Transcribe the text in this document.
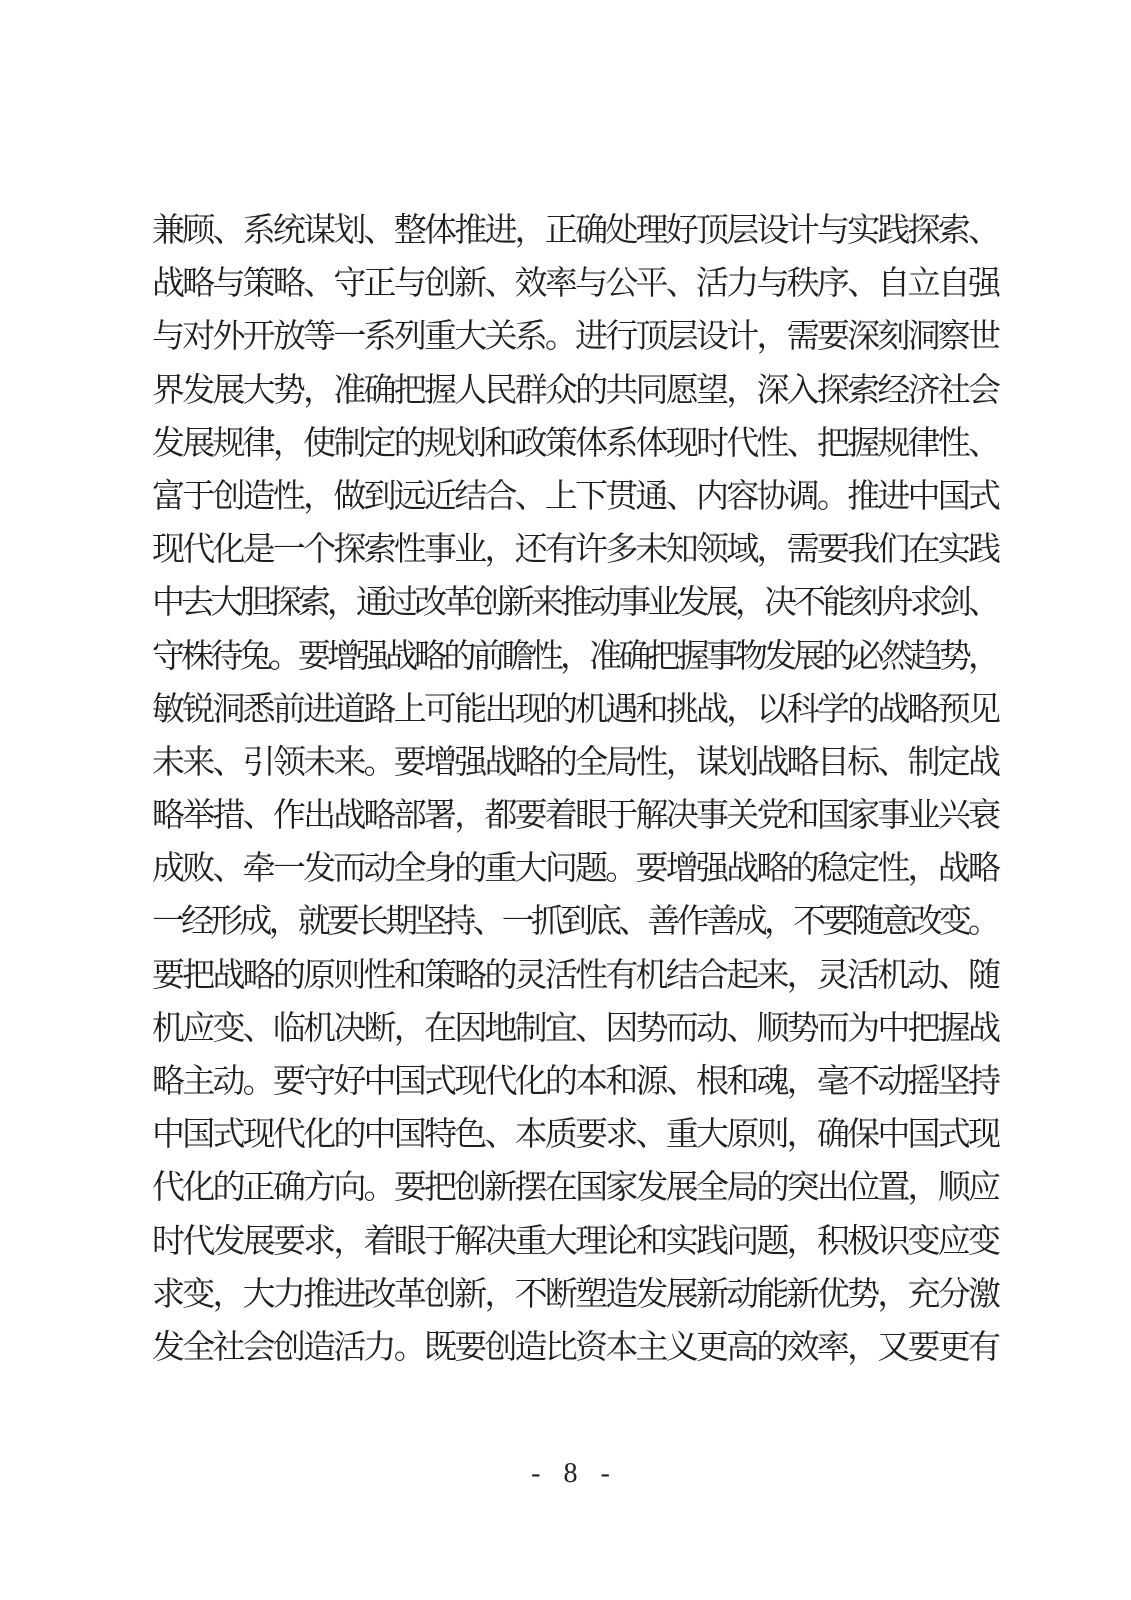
兼顾、系统谋划、整体推进，正确处理好顶层设计与实践探索、
战略与策略、守正与创新、效率与公平、活力与秩序、自立自强
与对外开放等一系列重大关系。进行顶层设计，需要深刻洞察世
界发展大势，准确把握人民群众的共同愿望，深入探索经济社会
发展规律，使制定的规划和政策体系体现时代性、把握规律性、
富于创造性，做到远近结合、上下贯通、内容协调。推进中国式
现代化是一个探索性事业，还有许多未知领域，需要我们在实践
中去大胆探索，通过改革创新来推动事业发展，决不能刻舟求剑、
守株待兔。要增强战略的前瞻性，准确把握事物发展的必然趋势，
敏锐洞悉前进道路上可能出现的机遇和挑战，以科学的战略预见
未来、引领未来。要增强战略的全局性，谋划战略目标、制定战
略举措、作出战略部署，都要着眼于解决事关党和国家事业兴衰
成败、牵一发而动全身的重大问题。要增强战略的稳定性，战略
一经形成，就要长期坚持、一抓到底、善作善成，不要随意改变。
要把战略的原则性和策略的灵活性有机结合起来，灵活机动、随
机应变、临机决断，在因地制宜、因势而动、顺势而为中把握战
略主动。要守好中国式现代化的本和源、根和魂，毫不动摇坚持
中国式现代化的中国特色、本质要求、重大原则，确保中国式现
代化的正确方向。要把创新摆在国家发展全局的突出位置，顺应
时代发展要求，着眼于解决重大理论和实践问题，积极识变应变
求变，大力推进改革创新，不断塑造发展新动能新优势，充分激
发全社会创造活力。既要创造比资本主义更高的效率，又要更有
- 8 -
